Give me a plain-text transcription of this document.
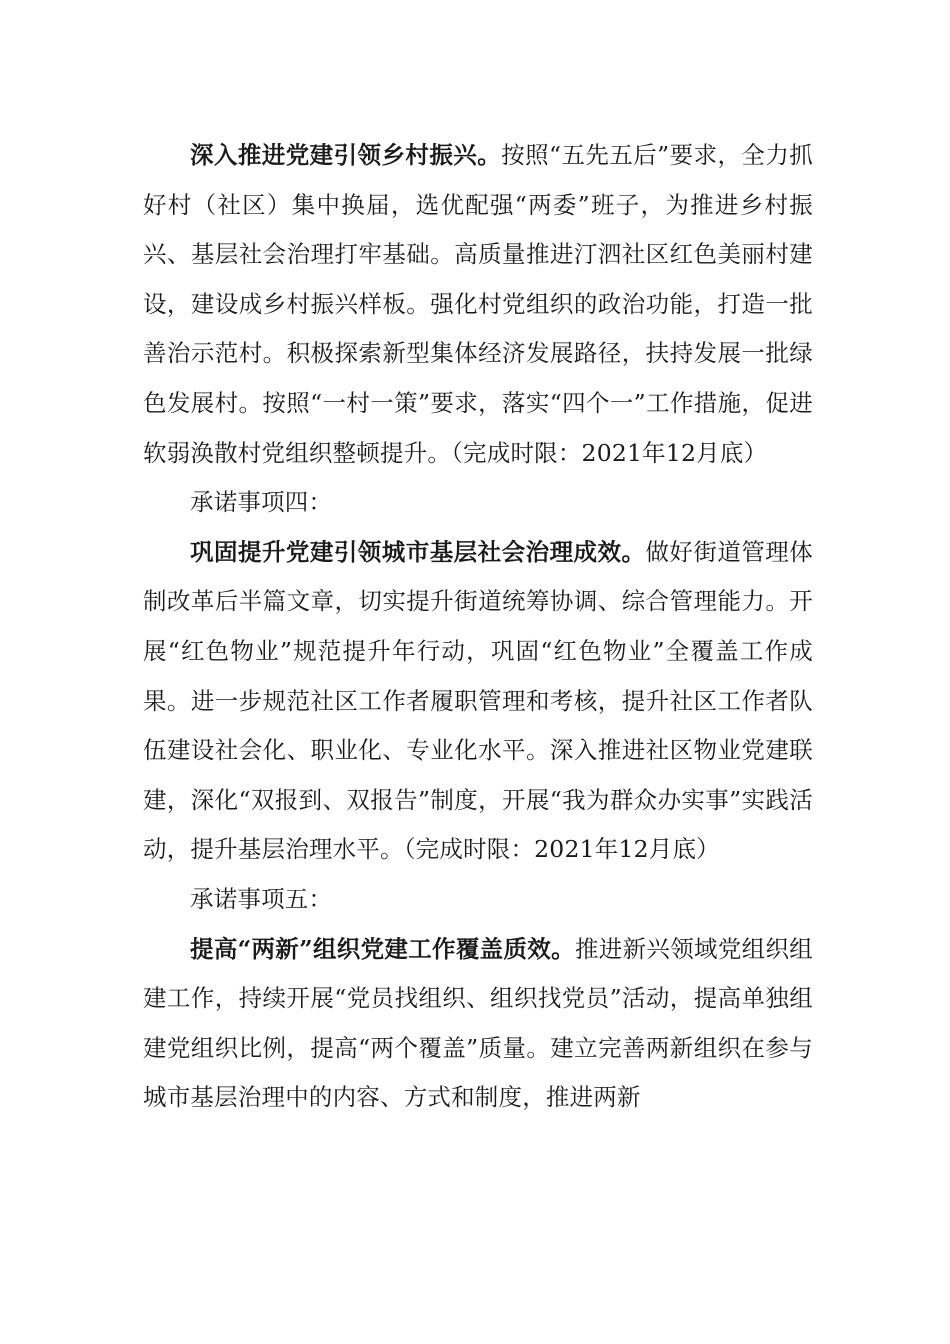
深入推进党建引领乡村振兴。按照“五先五后”要求，全力抓好村（社区）集中换届，选优配强“两委”班子，为推进乡村振兴、基层社会治理打牢基础。高质量推进汀泗社区红色美丽村建设，建设成乡村振兴样板。强化村党组织的政治功能，打造一批善治示范村。积极探索新型集体经济发展路径，扶持发展一批绿色发展村。按照“一村一策”要求，落实“四个一”工作措施，促进软弱涣散村党组织整顿提升。（完成时限：2021年12月底）

承诺事项四：

巩固提升党建引领城市基层社会治理成效。做好街道管理体制改革后半篇文章，切实提升街道统筹协调、综合管理能力。开展“红色物业”规范提升年行动，巩固“红色物业”全覆盖工作成果。进一步规范社区工作者履职管理和考核，提升社区工作者队伍建设社会化、职业化、专业化水平。深入推进社区物业党建联建，深化“双报到、双报告”制度，开展“我为群众办实事”实践活动，提升基层治理水平。（完成时限：2021年12月底）

承诺事项五：

提高“两新”组织党建工作覆盖质效。推进新兴领域党组织组建工作，持续开展“党员找组织、组织找党员”活动，提高单独组建党组织比例，提高“两个覆盖”质量。建立完善两新组织在参与城市基层治理中的内容、方式和制度，推进两新
